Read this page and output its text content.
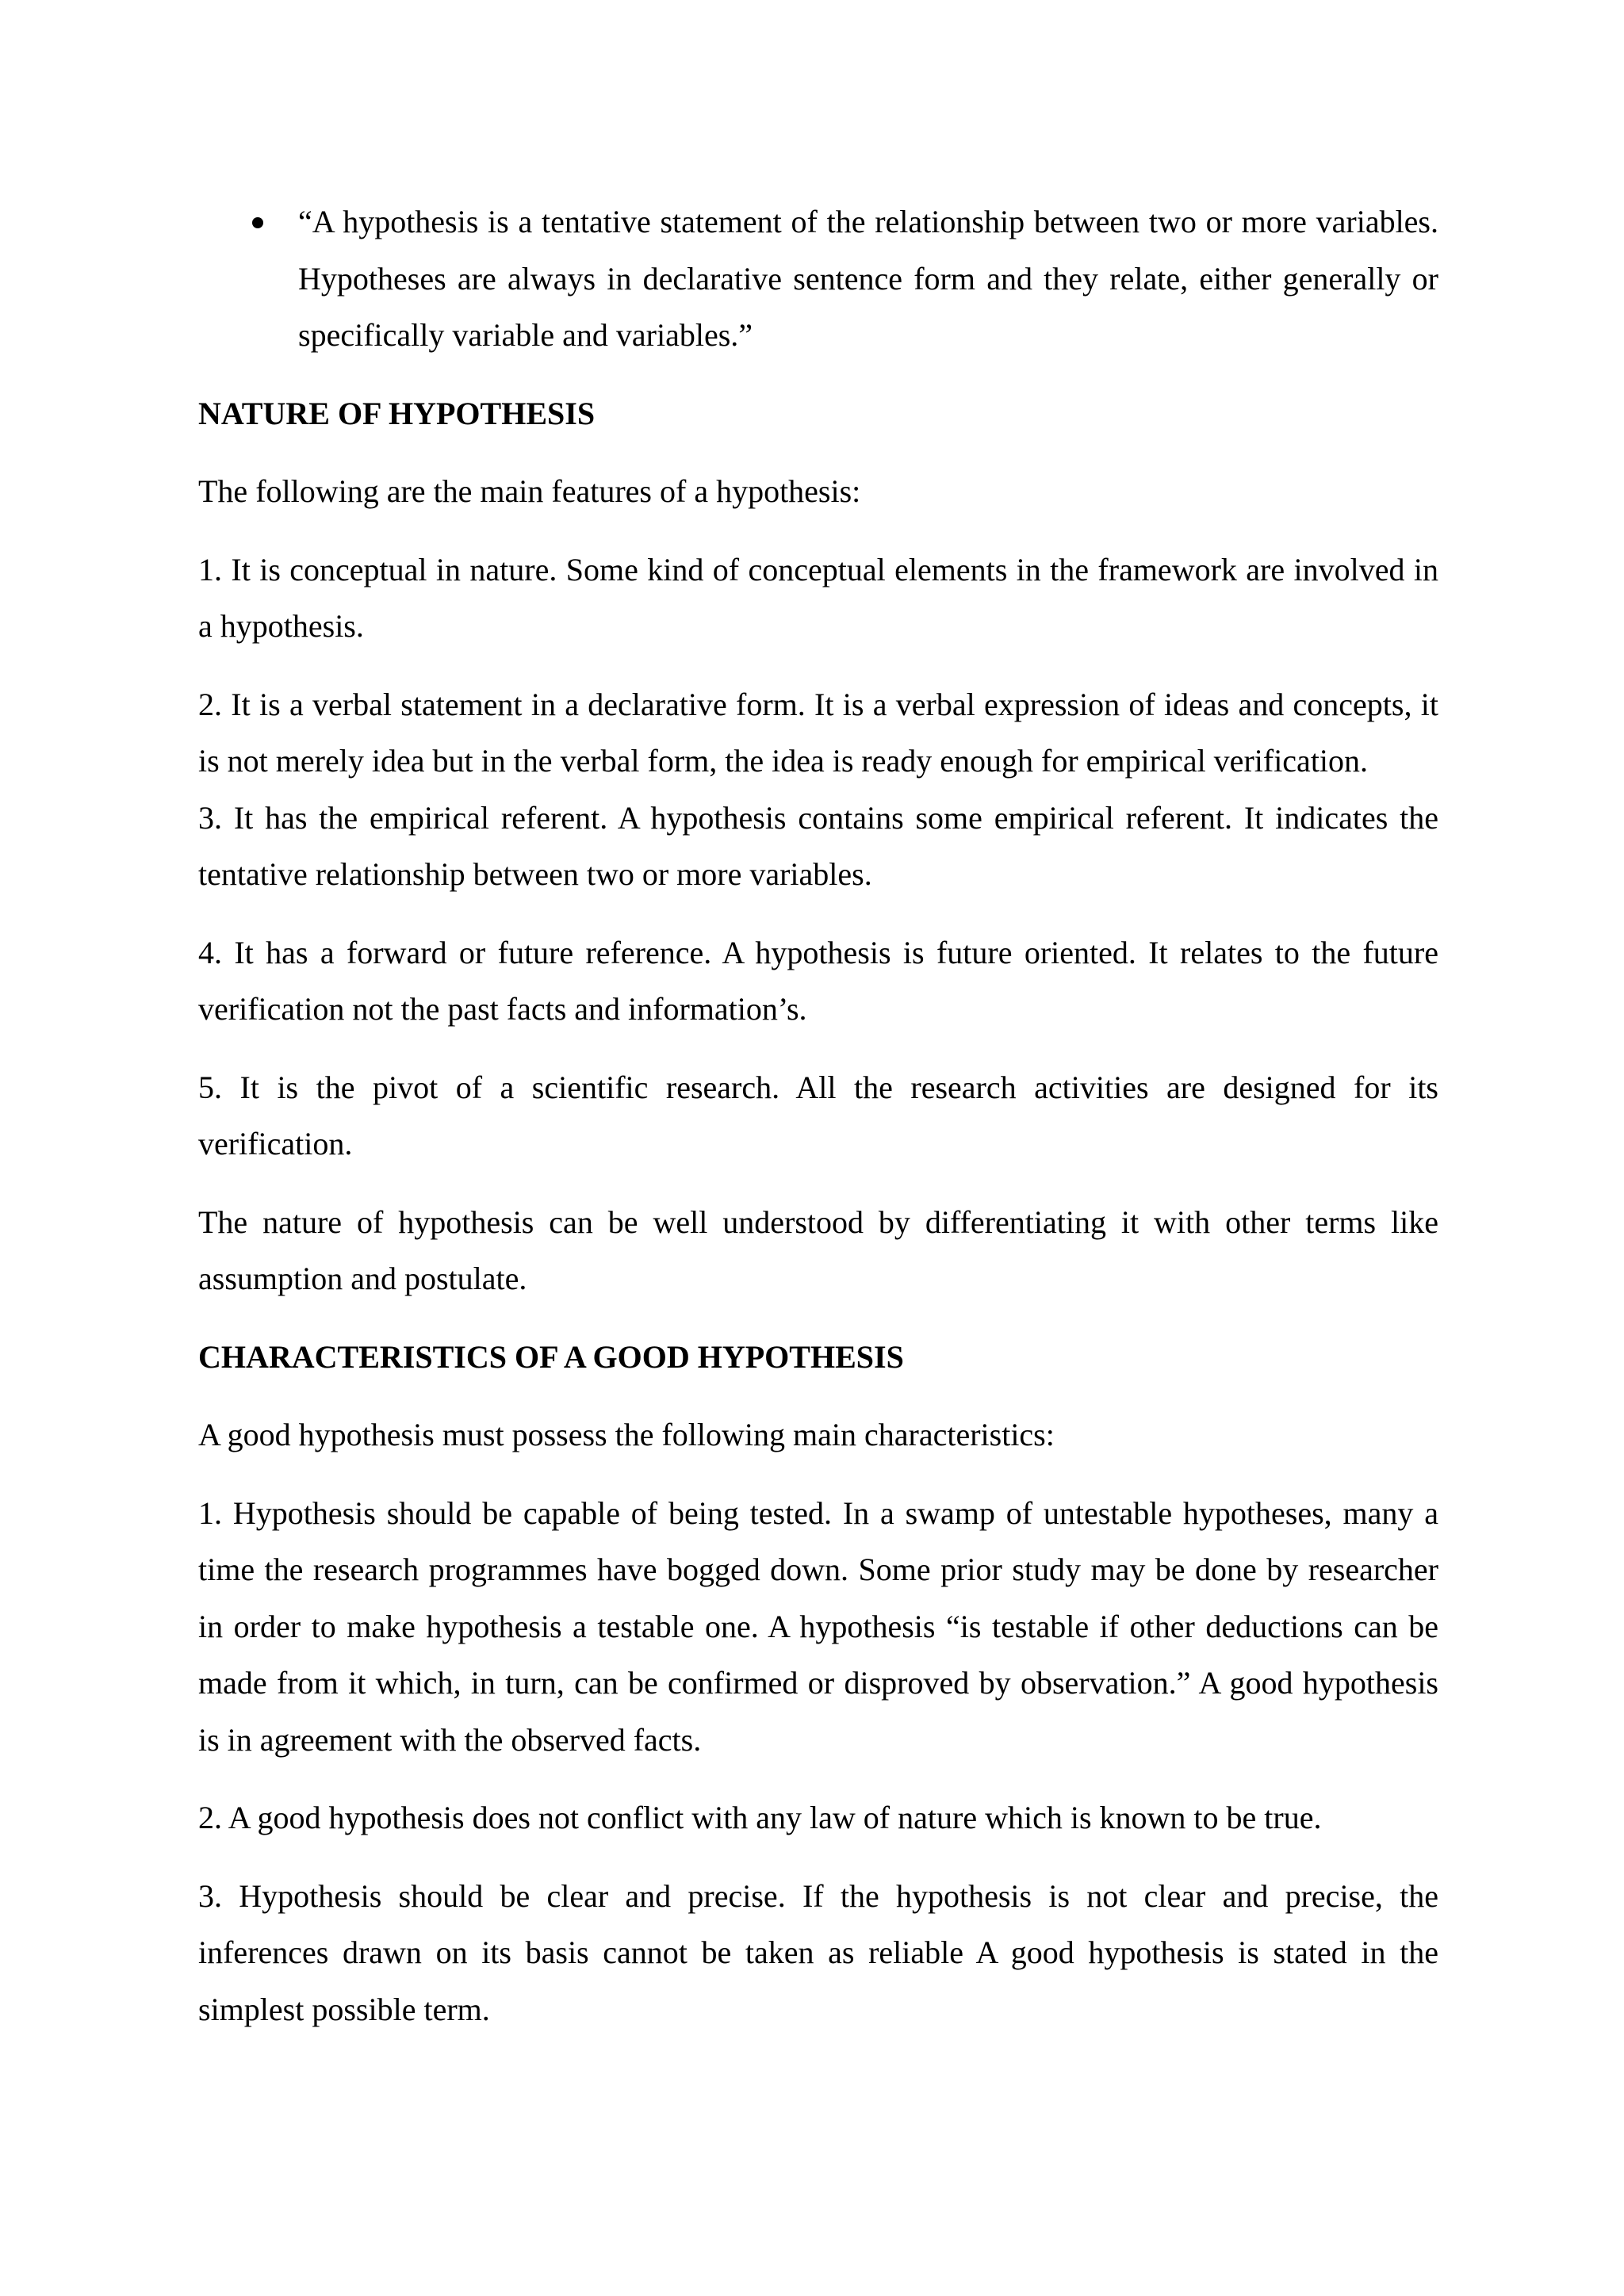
“A hypothesis is a tentative statement of the relationship between two or more variables. Hypotheses are always in declarative sentence form and they relate, either generally or specifically variable and variables.”
NATURE OF HYPOTHESIS

The following are the main features of a hypothesis:

1. It is conceptual in nature. Some kind of conceptual elements in the framework are involved in a hypothesis.

2. It is a verbal statement in a declarative form. It is a verbal expression of ideas and concepts, it is not merely idea but in the verbal form, the idea is ready enough for empirical verification.

3. It has the empirical referent. A hypothesis contains some empirical referent. It indicates the tentative relationship between two or more variables.

4. It has a forward or future reference. A hypothesis is future oriented. It relates to the future verification not the past facts and information’s.

5. It is the pivot of a scientific research. All the research activities are designed for its verification.

The nature of hypothesis can be well understood by differentiating it with other terms like assumption and postulate.

CHARACTERISTICS OF A GOOD HYPOTHESIS

A good hypothesis must possess the following main characteristics:

1. Hypothesis should be capable of being tested. In a swamp of untestable hypotheses, many a time the research programmes have bogged down. Some prior study may be done by researcher in order to make hypothesis a testable one. A hypothesis “is testable if other deductions can be made from it which, in turn, can be confirmed or disproved by observation.” A good hypothesis is in agreement with the observed facts.

2. A good hypothesis does not conflict with any law of nature which is known to be true.

3. Hypothesis should be clear and precise. If the hypothesis is not clear and precise, the inferences drawn on its basis cannot be taken as reliable A good hypothesis is stated in the simplest possible term.
